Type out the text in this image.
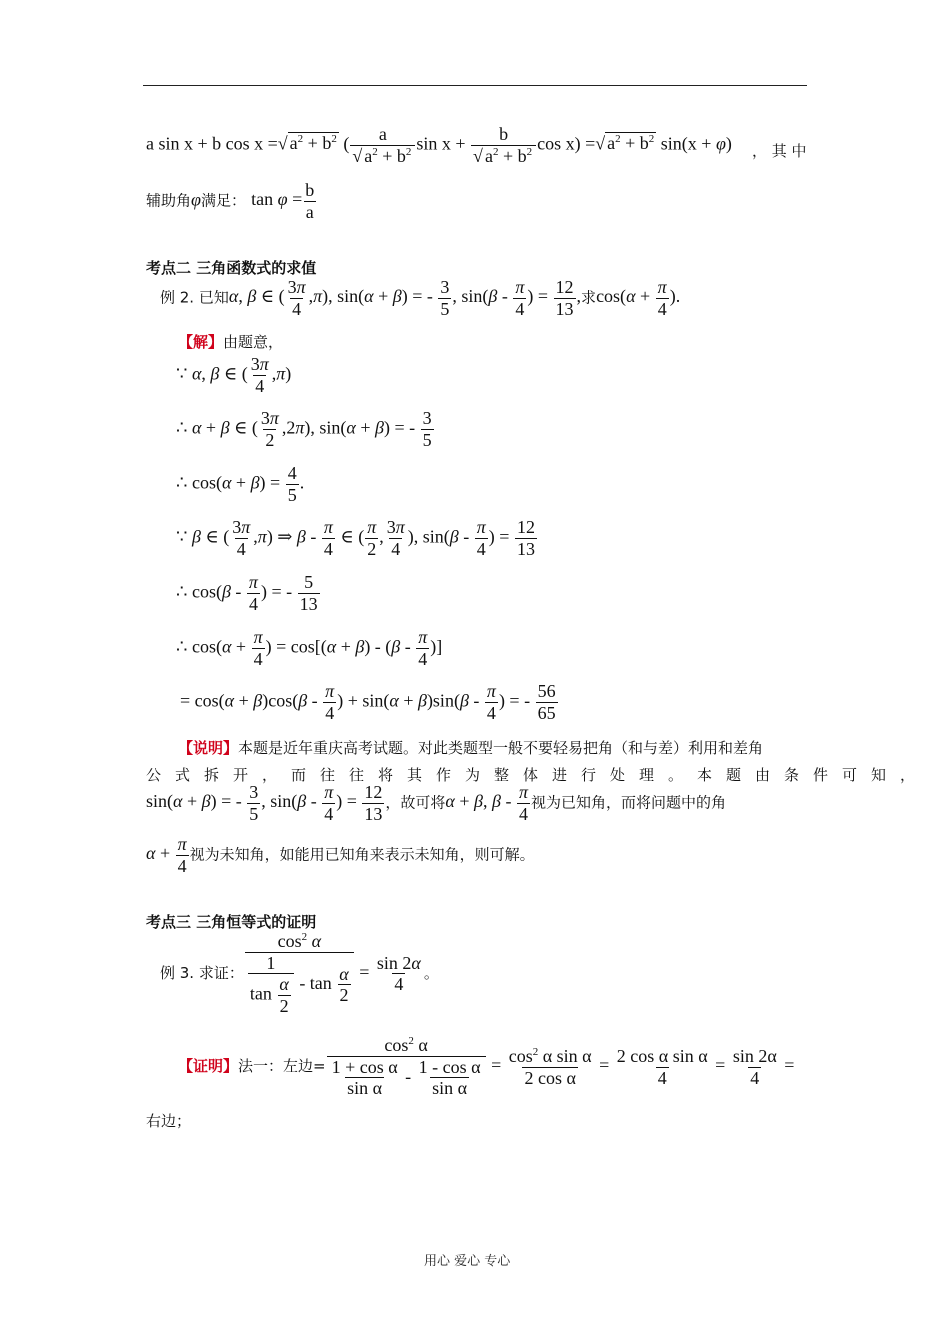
a sin x + b cos x =√ $a^2 + b^2$ ( $\frac{a}{√ a^2 + b^2}$ $\sin x + \frac{b}{√ a^2 + b^2}$ cos x) =√ $a^2 + b^2$ sin(x + φ) ， 其 中
辅助角φ满足： $\tan \varphi = \frac{b}{a}$
考点二 三角函数式的求值
例 2. 已知α, β ∈ ( $\frac{3\pi}{4} ,\pi$), sin(α + β) = - $\frac{3}{5}$ , $\sin(\beta - \frac{\pi}{4}$ ) = $\frac{12}{13}$ ,求$\cos(\alpha + \frac{\pi}{4}$ ).
【解】由题意，
∵ α, β ∈ ( $\frac{3\pi}{4} ,\pi$)
∴ α + β ∈ ( $\frac{3\pi}{2} ,2\pi$), sin(α + β) = - $\frac{3}{5}$
∴ $\cos(\alpha + \beta) = \frac{4}{5}$ .
∵ β ∈ ( $\frac{3\pi}{4} ,\pi$) ⇒ β - $\frac{\pi}{4}$ ∈ ( $\frac{\pi}{2}$ , $\frac{3\pi}{4}$ ), $\sin(\beta - \frac{\pi}{4}$ ) = $\frac{12}{13}$
∴ $\cos(\beta - \frac{\pi}{4}$ ) = - $\frac{5}{13}$
∴ $\cos(\alpha + \frac{\pi}{4}$ ) = $\cos[(\alpha + \beta) - (\beta - \frac{\pi}{4}$ )]
= $\cos(\alpha + \beta)\cos(\beta - \frac{\pi}{4}$ ) + $\sin(\alpha + \beta)\sin(\beta - \frac{\pi}{4}$ ) = - $\frac{56}{65}$
【说明】本题是近年重庆高考试题。对此类题型一般不要轻易把角（和与差）利用和差角
公式拆开，而往往将其作为整体进行处理。本题由条件可知，
sin(α + β) = - $\frac{3}{5}$ , $\sin(\beta - \frac{\pi}{4}$ ) = $\frac{12}{13}$ ，故可将α + β, β - $\frac{\pi}{4}$ 视为已知角，而将问题中的角
$\alpha + \frac{\pi}{4}$ 视为未知角，如能用已知角来表示未知角，则可解。
考点三 三角恒等式的证明
例 3. 求证： $\frac{\cos^2 \alpha}{\frac{1}{\tan \frac{\alpha}{2}} - \tan \frac{\alpha}{2}} = \frac{\sin 2\alpha}{4}$ 。
【证明】法一：左边= $\frac{\cos^2 \alpha}{\frac{\text{1 + cos α}}{\text{sin α}} - \frac{\text{1 - cos α}}{\text{sin α}}} = \frac{\cos^2 \alpha \sin \alpha}{\text{2 cos α}} = \frac{\text{2 cos α sin α}}{4} = \frac{\sin 2\alpha}{4}$ =
右边；
用心 爱心 专心
